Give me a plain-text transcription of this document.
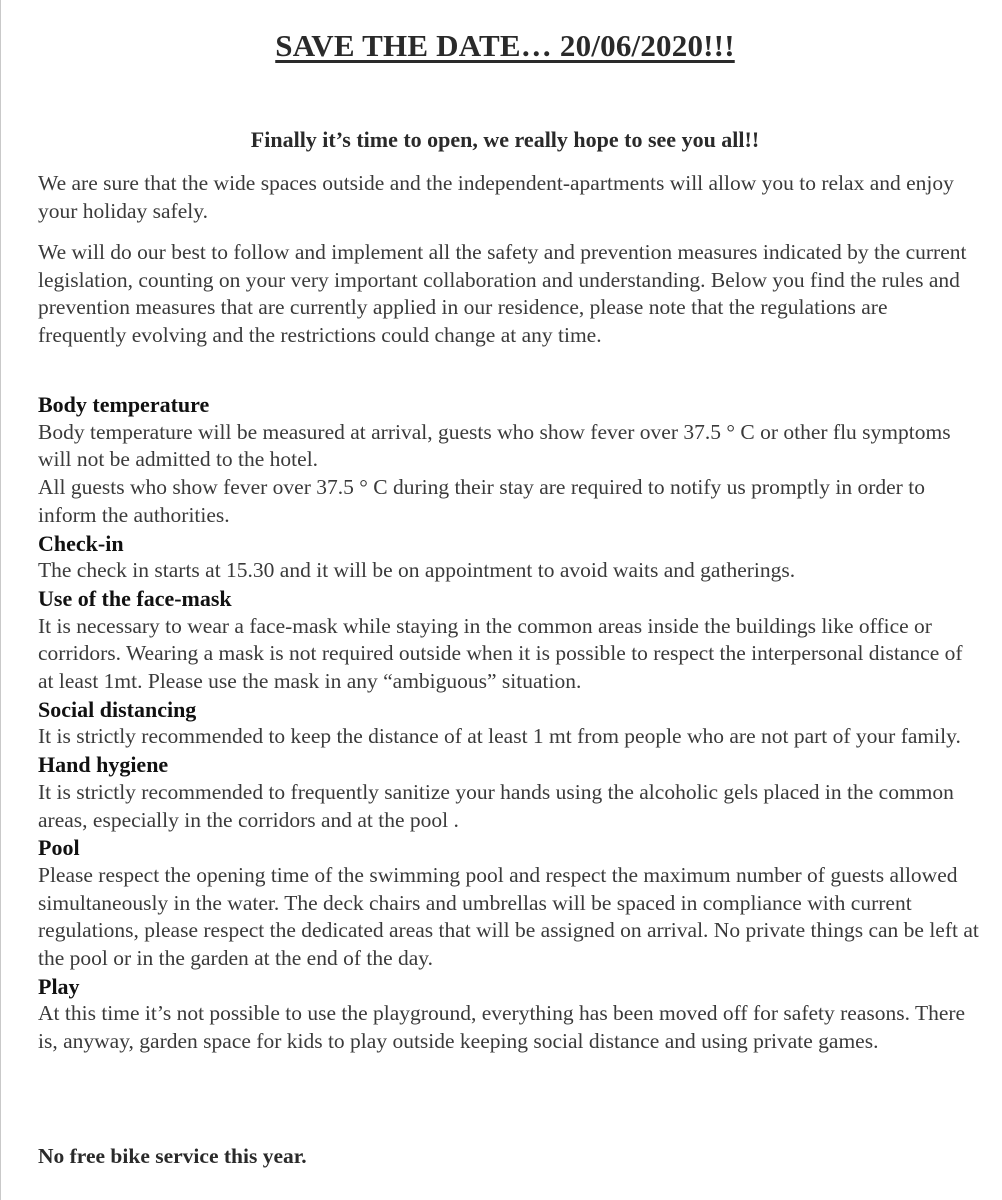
SAVE THE DATE… 20/06/2020!!!
Finally it’s time to open, we really hope to see you all!!

We are sure that the wide spaces outside and the independent-apartments will allow you to relax and enjoy your holiday safely.

We will do our best to follow and implement all the safety and prevention measures indicated by the current legislation, counting on your very important collaboration and understanding. Below you find the rules and prevention measures that are currently applied in our residence, please note that the regulations are frequently evolving and the restrictions could change at any time.

Body temperature
Body temperature will be measured at arrival, guests who show fever over 37.5 ° C or other flu symptoms will not be admitted to the hotel.
All guests who show fever over 37.5 ° C during their stay are required to notify us promptly in order to inform the authorities.
Check-in
The check in starts at 15.30 and it will be on appointment to avoid waits and gatherings.
Use of the face-mask
It is necessary to wear a face-mask while staying in the common areas inside the buildings like office or corridors. Wearing a mask is not required outside when it is possible to respect the interpersonal distance of at least 1mt. Please use the mask in any “ambiguous” situation.
Social distancing
It is strictly recommended to keep the distance of at least 1 mt from people who are not part of your family.
Hand hygiene
It is strictly recommended to frequently sanitize your hands using the alcoholic gels placed in the common areas, especially in the corridors and at the pool .
Pool
Please respect the opening time of the swimming pool and respect the maximum number of guests allowed simultaneously in the water. The deck chairs and umbrellas will be spaced in compliance with current regulations, please respect the dedicated areas that will be assigned on arrival. No private things can be left at the pool or in the garden at the end of the day.
Play
At this time it’s not possible to use the playground, everything has been moved off for safety reasons. There is, anyway, garden space for kids to play outside keeping social distance and using private games.
No free bike service this year.
